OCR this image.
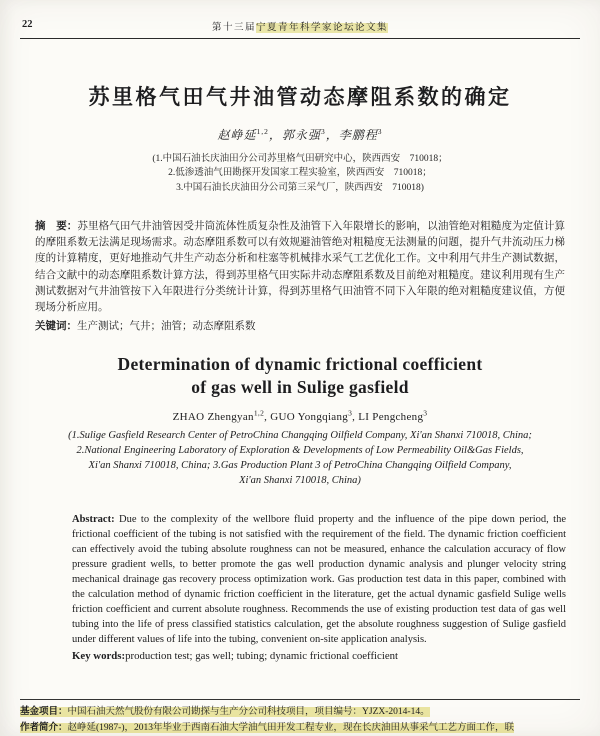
22	第十三届宁夏青年科学家论坛论文集
苏里格气田气井油管动态摩阻系数的确定
赵峥延$^{1,2}$，郭永强$^3$，李鹏程$^3$
(1.中国石油长庆油田分公司苏里格气田研究中心，陕西西安　710018；
2.低渗透油气田勘探开发国家工程实验室，陕西西安　710018；
3.中国石油长庆油田分公司第三采气厂，陕西西安　710018)

摘　要：苏里格气田气井油管因受井筒流体性质复杂性及油管下入年限增长的影响，以油管绝对粗糙度为定值计算的摩阻系数无法满足现场需求。动态摩阻系数可以有效规避油管绝对粗糙度无法测量的问题，提升气井流动压力梯度的计算精度，更好地推动气井生产动态分析和柱塞等机械排水采气工艺优化工作。文中利用气井生产测试数据，结合文献中的动态摩阻系数计算方法，得到苏里格气田实际井动态摩阻系数及目前绝对粗糙度。建议利用现有生产测试数据对气井油管按下入年限进行分类统计计算，得到苏里格气田油管不同下入年限的绝对粗糙度建议值，方便现场分析应用。

关键词：生产测试；气井；油管；动态摩阻系数

Determination of dynamic frictional coefficient
of gas well in Sulige gasfield
ZHAO Zhengyan$^{1,2}$, GUO Yongqiang$^3$, LI Pengcheng$^3$
(1.Sulige Gasfield Research Center of PetroChina Changqing Oilfield Company, Xi'an Shanxi 710018, China;
2.National Engineering Laboratory of Exploration & Developments of Low Permeability Oil&Gas Fields,
Xi'an Shanxi 710018, China; 3.Gas Production Plant 3 of PetroChina Changqing Oilfield Company,
Xi'an Shanxi 710018, China)

Abstract: Due to the complexity of the wellbore fluid property and the influence of the pipe down period, the frictional coefficient of the tubing is not satisfied with the requirement of the field. The dynamic friction coefficient can effectively avoid the tubing absolute roughness can not be measured, enhance the calculation accuracy of flow pressure gradient wells, to better promote the gas well production dynamic analysis and plunger velocity string mechanical drainage gas recovery process optimization work. Gas production test data in this paper, combined with the calculation method of dynamic friction coefficient in the literature, get the actual dynamic gasfield Sulige wells friction coefficient and current absolute roughness. Recommends the use of existing production test data of gas well tubing into the life of press classified statistics calculation, get the absolute roughness suggestion of Sulige gasfield under different values of life into the tubing, convenient on-site application analysis.

Key words:production test; gas well; tubing; dynamic frictional coefficient

基金项目：中国石油天然气股份有限公司勘探与生产分公司科技项目，项目编号：YJZX-2014-14。
作者简介：赵峥延(1987-)，2013年毕业于西南石油大学油气田开发工程专业，现在长庆油田从事采气工艺方面工作，联
